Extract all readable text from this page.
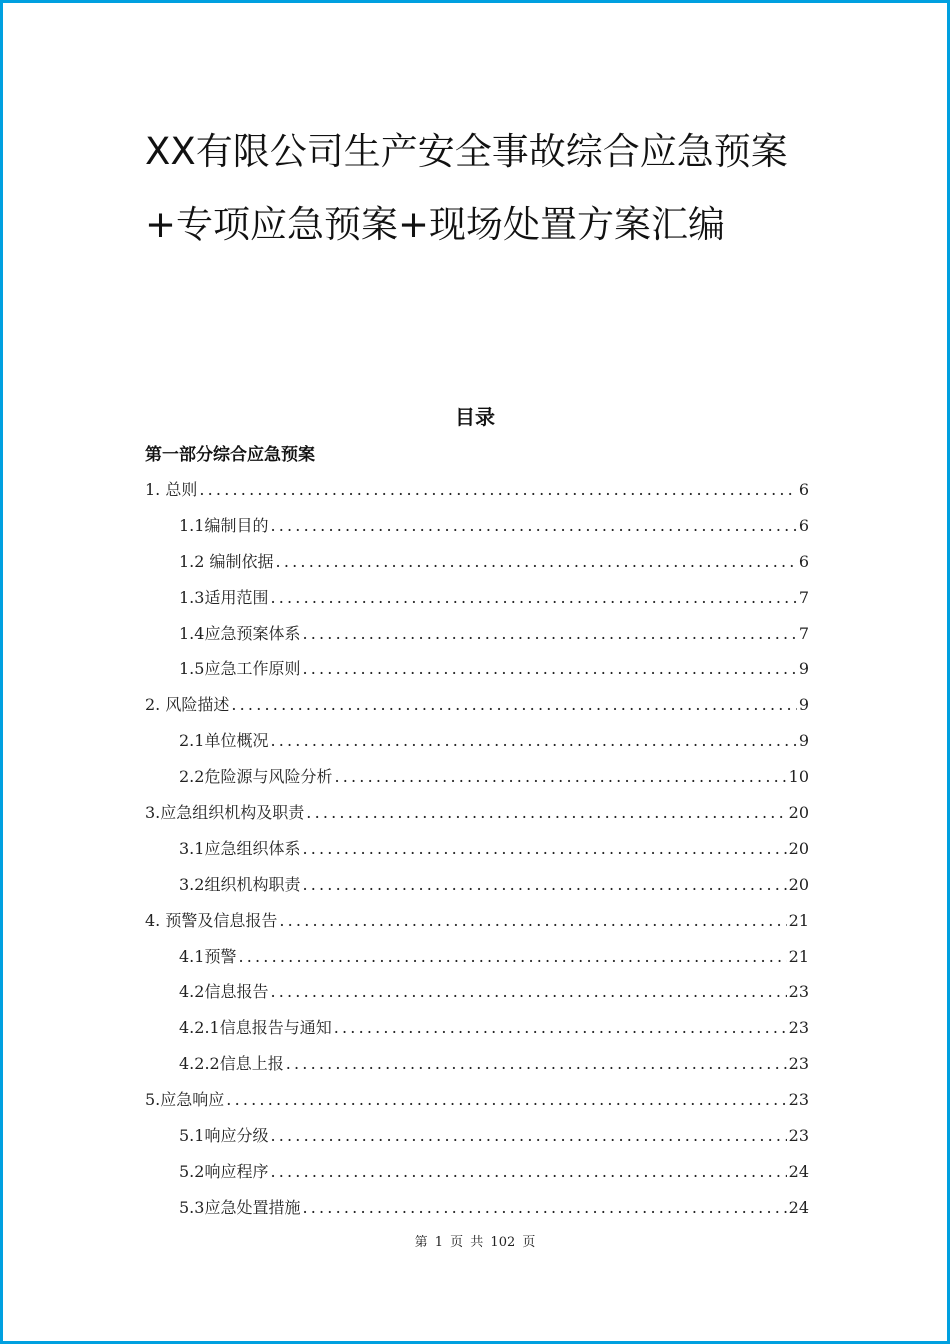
XX有限公司生产安全事故综合应急预案
+专项应急预案+现场处置方案汇编
目录
第一部分综合应急预案
1. 总则 .....	6
1.1编制目的 .....	6
1.2 编制依据 .....	6
1.3适用范围 .....	7
1.4应急预案体系 .....	7
1.5应急工作原则 .....	9
2. 风险描述 .....	9
2.1单位概况 .....	9
2.2危险源与风险分析 .....	10
3.应急组织机构及职责 .....	20
3.1应急组织体系 .....	20
3.2组织机构职责 .....	20
4. 预警及信息报告 .....	21
4.1预警 .....	21
4.2信息报告 .....	23
4.2.1信息报告与通知 .....	23
4.2.2信息上报 .....	23
5.应急响应 .....	23
5.1响应分级 .....	23
5.2响应程序 .....	24
5.3应急处置措施 .....	24
第 1 页 共 102 页
